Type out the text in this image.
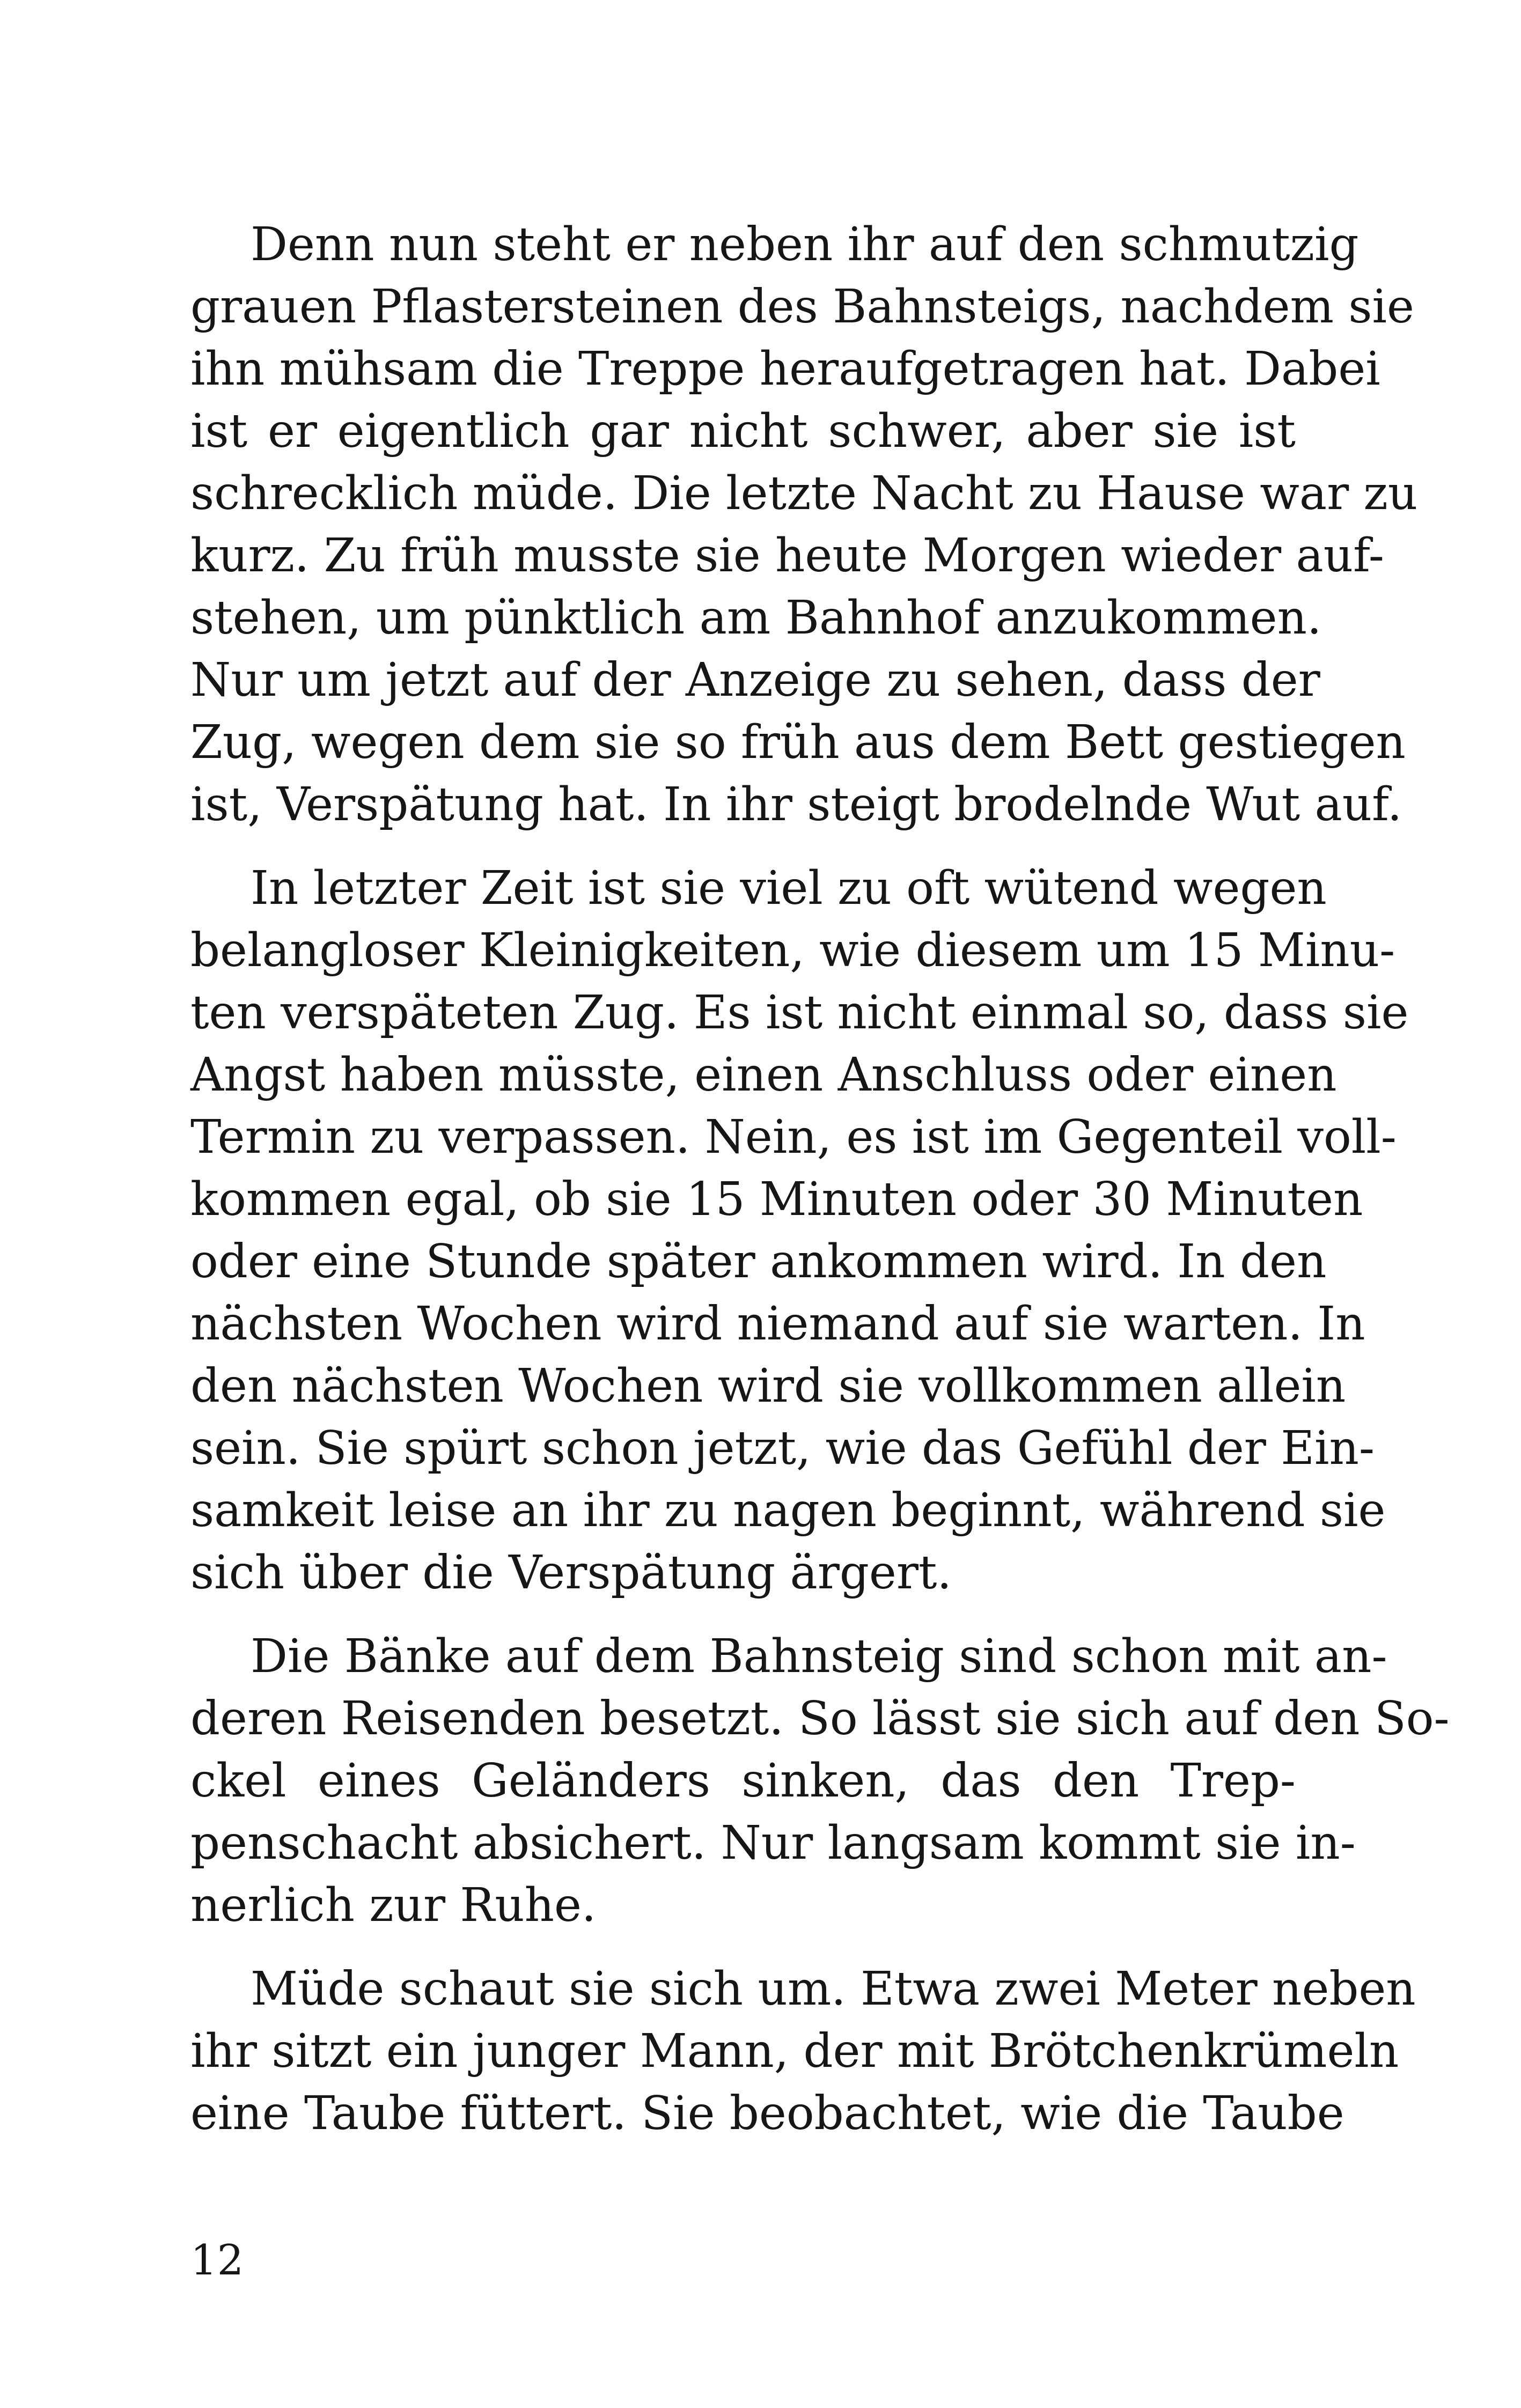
Denn nun steht er neben ihr auf den schmutzig
grauen Pflastersteinen des Bahnsteigs, nachdem sie
ihn mühsam die Treppe heraufgetragen hat. Dabei
ist er eigentlich gar nicht schwer, aber sie ist
schrecklich müde. Die letzte Nacht zu Hause war zu
kurz. Zu früh musste sie heute Morgen wieder auf-
stehen, um pünktlich am Bahnhof anzukommen.
Nur um jetzt auf der Anzeige zu sehen, dass der
Zug, wegen dem sie so früh aus dem Bett gestiegen
ist, Verspätung hat. In ihr steigt brodelnde Wut auf.

In letzter Zeit ist sie viel zu oft wütend wegen
belangloser Kleinigkeiten, wie diesem um 15 Minu-
ten verspäteten Zug. Es ist nicht einmal so, dass sie
Angst haben müsste, einen Anschluss oder einen
Termin zu verpassen. Nein, es ist im Gegenteil voll-
kommen egal, ob sie 15 Minuten oder 30 Minuten
oder eine Stunde später ankommen wird. In den
nächsten Wochen wird niemand auf sie warten. In
den nächsten Wochen wird sie vollkommen allein
sein. Sie spürt schon jetzt, wie das Gefühl der Ein-
samkeit leise an ihr zu nagen beginnt, während sie
sich über die Verspätung ärgert.

Die Bänke auf dem Bahnsteig sind schon mit an-
deren Reisenden besetzt. So lässt sie sich auf den So-
ckel eines Geländers sinken, das den Trep-
penschacht absichert. Nur langsam kommt sie in-
nerlich zur Ruhe.

Müde schaut sie sich um. Etwa zwei Meter neben
ihr sitzt ein junger Mann, der mit Brötchenkrümeln
eine Taube füttert. Sie beobachtet, wie die Taube

12
